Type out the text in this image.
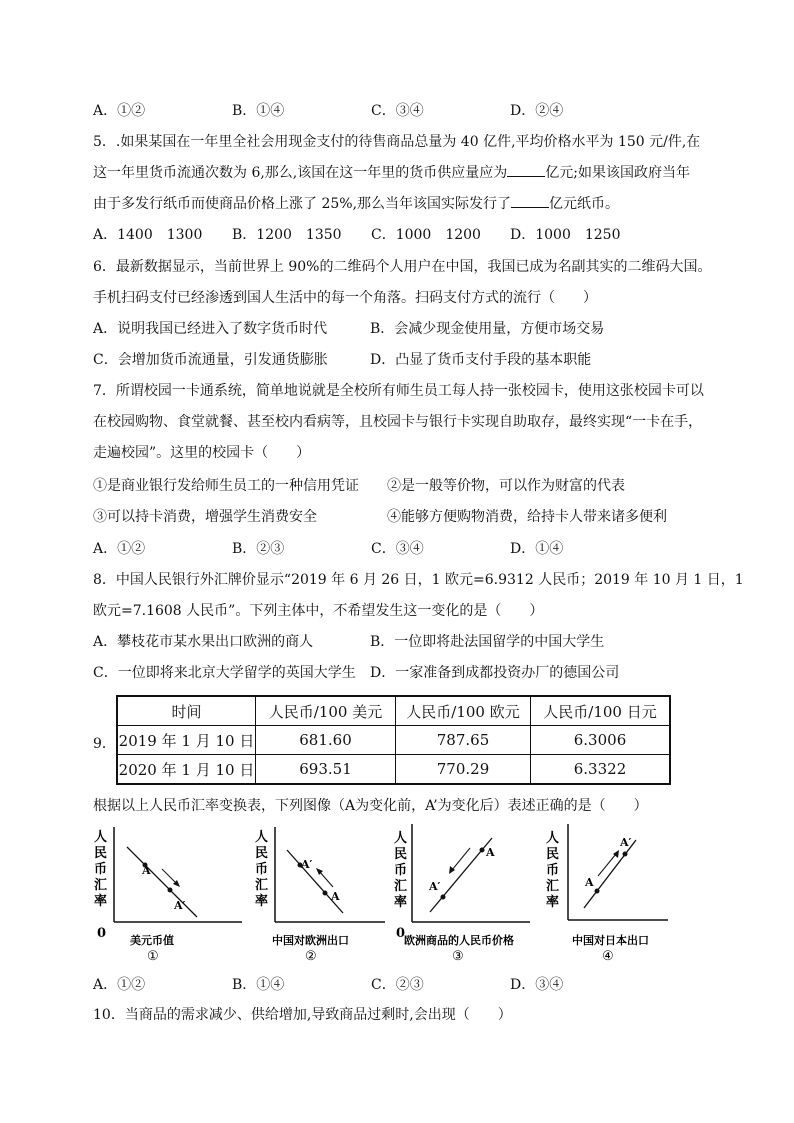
A．①②	B．①④	C．③④	D．②④
5．.如果某国在一年里全社会用现金支付的待售商品总量为 40 亿件,平均价格水平为 150 元/件,在
这一年里货币流通次数为 6,那么,该国在这一年里的货币供应量应为	亿元;如果该国政府当年
由于多发行纸币而使商品价格上涨了 25%,那么当年该国实际发行了	亿元纸币。
A．1400　1300 B．1200　1350 C．1000　1200 D．1000　1250
6．最新数据显示，当前世界上 90%的二维码个人用户在中国，我国已成为名副其实的二维码大国。
手机扫码支付已经渗透到国人生活中的每一个角落。扫码支付方式的流行（　　）
A．说明我国已经进入了数字货币时代	B．会减少现金使用量，方便市场交易
C．会增加货币流通量，引发通货膨胀	D．凸显了货币支付手段的基本职能
7．所谓校园一卡通系统，简单地说就是全校所有师生员工每人持一张校园卡，使用这张校园卡可以
在校园购物、食堂就餐、甚至校内看病等，且校园卡与银行卡实现自助取存，最终实现“一卡在手，
走遍校园”。这里的校园卡（　　）
①是商业银行发给师生员工的一种信用凭证 ②是一般等价物，可以作为财富的代表
③可以持卡消费，增强学生消费安全	④能够方便购物消费，给持卡人带来诸多便利
A．①②	B．②③	C．③④	D．①④
8．中国人民银行外汇牌价显示“2019 年 6 月 26 日，1 欧元=6.9312 人民币；2019 年 10 月 1 日，1
欧元=7.1608 人民币”。下列主体中，不希望发生这一变化的是（　　）
A．攀枝花市某水果出口欧洲的商人	B．一位即将赴法国留学的中国大学生
C．一位即将来北京大学留学的英国大学生 D．一家准备到成都投资办厂的德国公司
9．
时间	人民币/100 美元	人民币/100 欧元	人民币/100 日元
2019 年 1 月 10 日	681.60	787.65	6.3006
2020 年 1 月 10 日	693.51	770.29	6.3322
根据以上人民币汇率变换表，下列图像（A为变化前，A’为变化后）表述正确的是（　　）
人
民
币
汇
率
0
A
A′
美元币值
①
人
民
币
汇
率
A′
A
中国对欧洲出口
②
人
民
币
汇
率
0
A
A′
欧洲商品的人民币价格
③
人
民
币
汇
率
A′
A
中国对日本出口
④
A．①②	B．①④	C．②③	D．③④
10．当商品的需求减少、供给增加,导致商品过剩时,会出现（　　）
